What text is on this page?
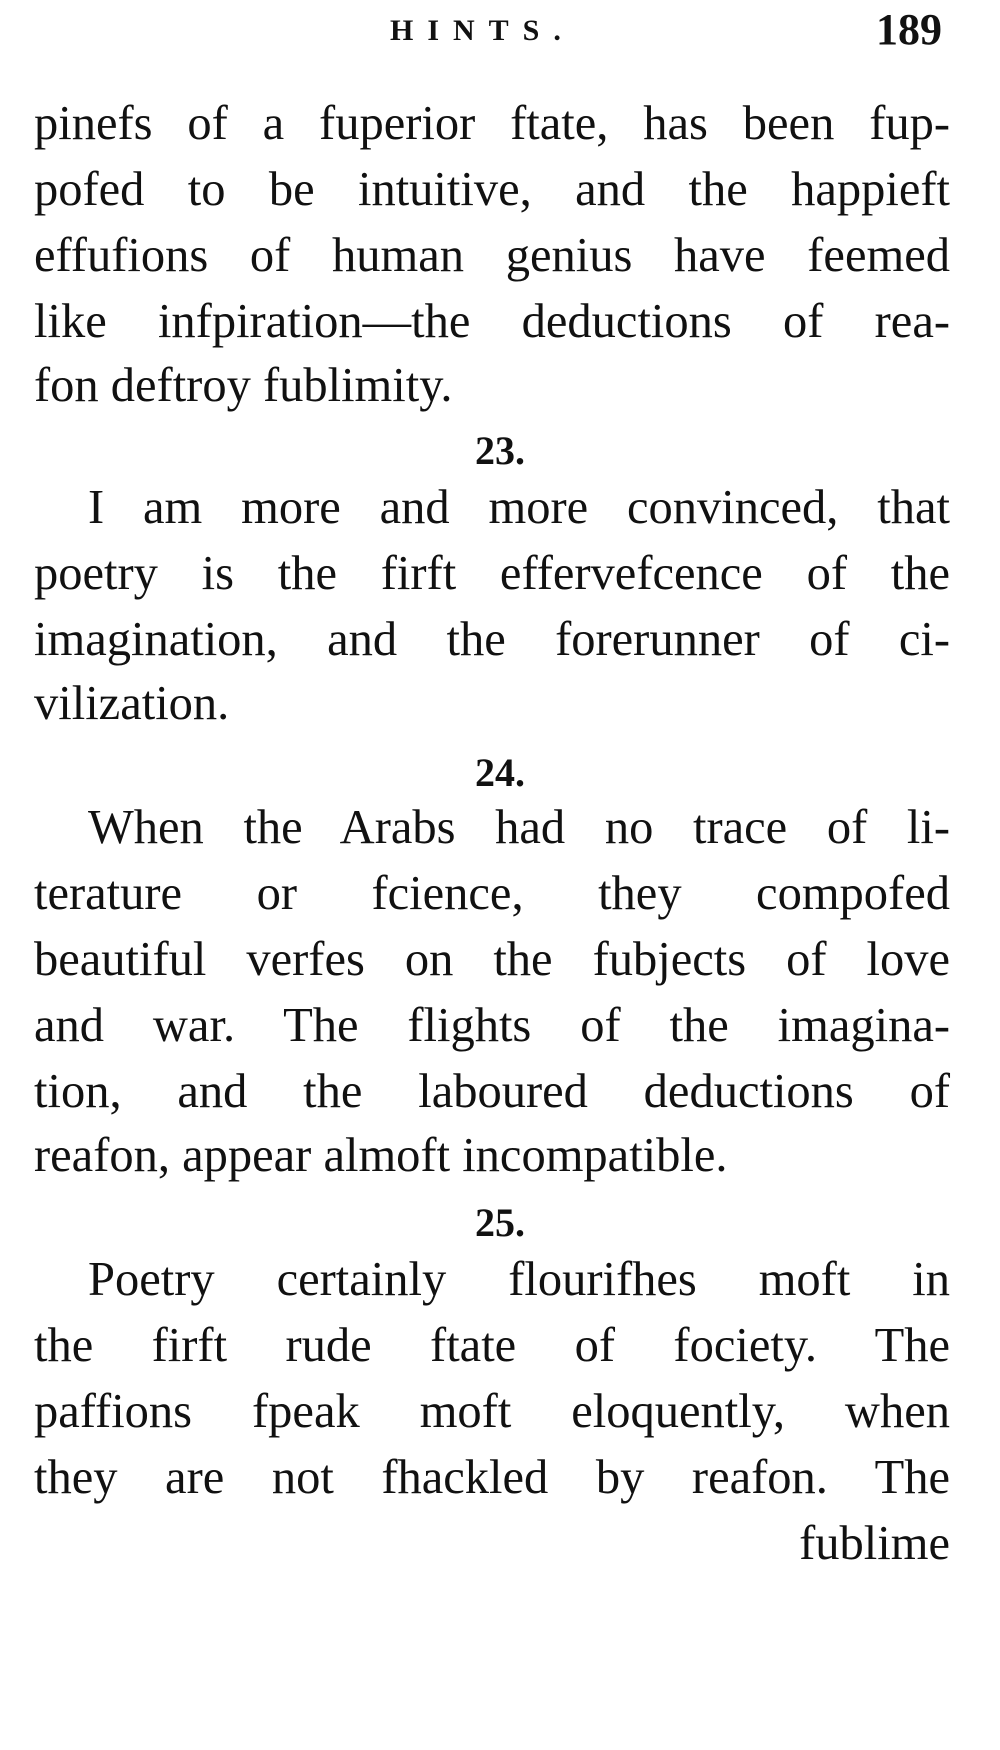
HINTS.	189
pinefs of a fuperior ftate, has been fup-
pofed to be intuitive, and the happieft
effufions of human genius have feemed
like infpiration—the deductions of rea-
fon deftroy fublimity.
23.
I am more and more convinced, that
poetry is the firft effervefcence of the
imagination, and the forerunner of ci-
vilization.
24.
When the Arabs had no trace of li-
terature or fcience, they compofed
beautiful verfes on the fubjects of love
and war. The flights of the imagina-
tion, and the laboured deductions of
reafon, appear almoft incompatible.
25.
Poetry certainly flourifhes moft in
the firft rude ftate of fociety. The
paffions fpeak moft eloquently, when
they are not fhackled by reafon. The
fublime
